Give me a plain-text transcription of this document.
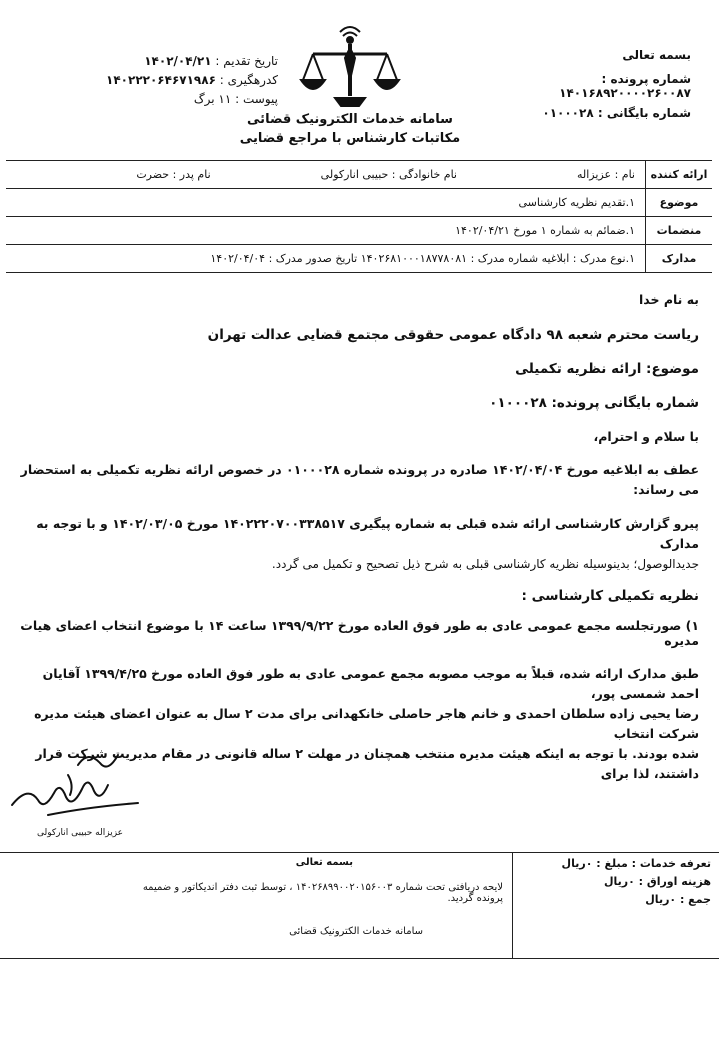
بسمه تعالی
شماره پرونده : ۱۴۰۱۶۸۹۲۰۰۰۰۲۶۰۰۸۷
شماره بایگانی : ۰۱۰۰۰۲۸
سامانه خدمات الکترونیک قضائی
مکاتبات کارشناس با مراجع قضایی
تاریخ تقدیم : ۱۴۰۲/۰۴/۲۱
کدرهگیری : ۱۴۰۲۲۲۰۶۴۶۷۱۹۸۶
پیوست : ۱۱ برگ
ارائه کننده
نام : عزیزاله
نام خانوادگی : حبیبی انارکولی
نام پدر : حضرت
موضوع
۱.تقدیم نظریه کارشناسی
منضمات
۱.ضمائم به شماره ۱ مورخ ۱۴۰۲/۰۴/۲۱
مدارک
۱.نوع مدرک : ابلاغیه شماره مدرک : ۱۴۰۲۶۸۱۰۰۰۱۸۷۷۸۰۸۱ تاریخ صدور مدرک : ۱۴۰۲/۰۴/۰۴

به نام خدا

ریاست محترم شعبه ۹۸ دادگاه عمومی حقوقی مجتمع قضایی عدالت تهران

موضوع: ارائه نظریه تکمیلی

شماره بایگانی پرونده: ۰۱۰۰۰۲۸

با سلام و احترام،

عطف به ابلاغیه مورخ ۱۴۰۲/۰۴/۰۴ صادره در پرونده شماره ۰۱۰۰۰۲۸ در خصوص ارائه نظریه تکمیلی به استحضار می رساند:

پیرو گزارش کارشناسی ارائه شده قبلی به شماره پیگیری ۱۴۰۲۲۲۰۷۰۰۳۳۸۵۱۷ مورخ ۱۴۰۲/۰۳/۰۵ و با توجه به مدارک

جدیدالوصول؛ بدینوسیله نظریه کارشناسی قبلی به شرح ذیل تصحیح و تکمیل می گردد.

نظریه تکمیلی کارشناسی :

۱) صورتجلسه مجمع عمومی عادی به طور فوق العاده مورخ ۱۳۹۹/۹/۲۲ ساعت ۱۴ با موضوع انتخاب اعضای هیات مدیره

طبق مدارک ارائه شده، قبلاً به موجب مصوبه مجمع عمومی عادی به طور فوق العاده مورخ ۱۳۹۹/۴/۲۵ آقایان احمد شمسی پور،

رضا یحیی زاده سلطان احمدی و خانم هاجر حاصلی خانکهدانی برای مدت ۲ سال به عنوان اعضای هیئت مدیره شرکت انتخاب

شده بودند. با توجه به اینکه هیئت مدیره منتخب همچنان در مهلت ۲ ساله قانونی در مقام مدیریت شرکت قرار داشتند، لذا برای

عزیزاله حبیبی انارکولی
تعرفه خدمات : مبلغ : ۰ریال
هزینه اوراق : ۰ریال
جمع : ۰ریال
بسمه تعالی
لایحه دریافتی تحت شماره ۱۴۰۲۶۸۹۹۰۰۲۰۱۵۶۰۰۳ ، توسط ثبت دفتر اندیکاتور و ضمیمه
پرونده گردید.
سامانه خدمات الکترونیک قضائی
